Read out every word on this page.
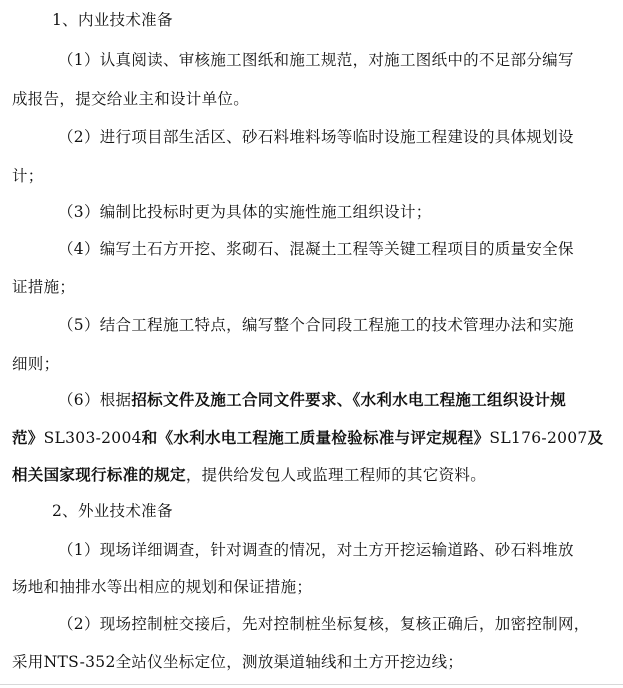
1、内业技术准备
（1）认真阅读、审核施工图纸和施工规范，对施工图纸中的不足部分编写
成报告，提交给业主和设计单位。
（2）进行项目部生活区、砂石料堆料场等临时设施工程建设的具体规划设
计；
（3）编制比投标时更为具体的实施性施工组织设计；
（4）编写土石方开挖、浆砌石、混凝土工程等关键工程项目的质量安全保
证措施；
（5）结合工程施工特点，编写整个合同段工程施工的技术管理办法和实施
细则；
（6）根据招标文件及施工合同文件要求、《水利水电工程施工组织设计规
范》SL303-2004和《水利水电工程施工质量检验标准与评定规程》SL176-2007及
相关国家现行标准的规定，提供给发包人或监理工程师的其它资料。
2、外业技术准备
（1）现场详细调查，针对调查的情况，对土方开挖运输道路、砂石料堆放
场地和抽排水等出相应的规划和保证措施；
（2）现场控制桩交接后，先对控制桩坐标复核，复核正确后，加密控制网，
采用NTS-352全站仪坐标定位，测放渠道轴线和土方开挖边线；
